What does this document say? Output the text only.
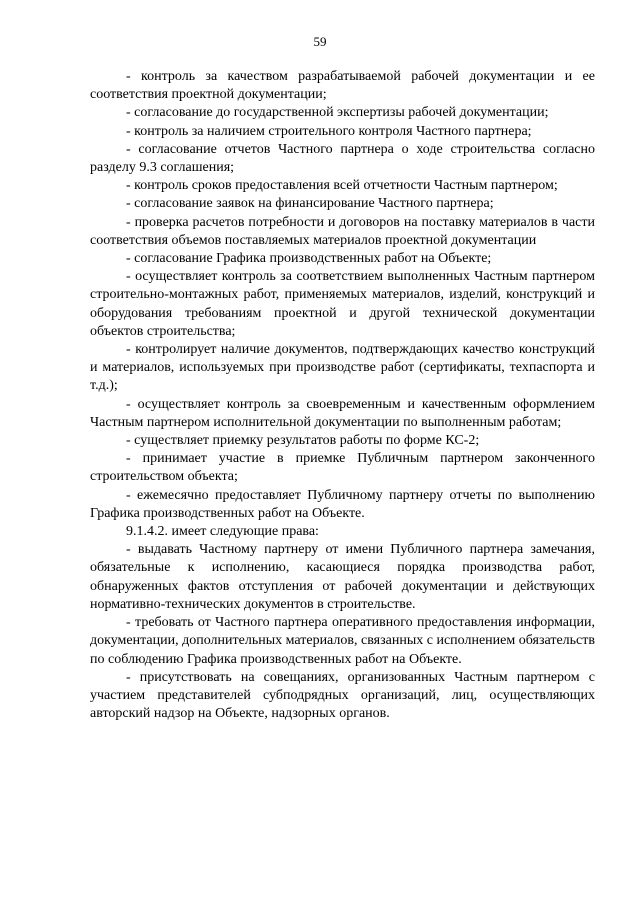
59

- контроль за качеством разрабатываемой рабочей документации и ее соответствия проектной документации;

- согласование до государственной экспертизы рабочей документации;

- контроль за наличием строительного контроля Частного партнера;

- согласование отчетов Частного партнера о ходе строительства согласно разделу 9.3 соглашения;

- контроль сроков предоставления всей отчетности Частным партнером;

- согласование заявок на финансирование Частного партнера;

- проверка расчетов потребности и договоров на поставку материалов в части соответствия объемов поставляемых материалов проектной документации

- согласование Графика производственных работ на Объекте;

- осуществляет контроль за соответствием выполненных Частным партнером строительно-монтажных работ, применяемых материалов, изделий, конструкций и оборудования требованиям проектной и другой технической документации объектов строительства;

- контролирует наличие документов, подтверждающих качество конструкций и материалов, используемых при производстве работ (сертификаты, техпаспорта и т.д.);

- осуществляет контроль за своевременным и качественным оформлением Частным партнером исполнительной документации по выполненным работам;

- существляет приемку результатов работы по форме КС-2;

- принимает участие в приемке Публичным партнером законченного строительством объекта;

- ежемесячно предоставляет Публичному партнеру отчеты по выполнению Графика производственных работ на Объекте.

9.1.4.2. имеет следующие права:

- выдавать Частному партнеру от имени Публичного партнера замечания, обязательные к исполнению, касающиеся порядка производства работ, обнаруженных фактов отступления от рабочей документации и действующих нормативно-технических документов в строительстве.

- требовать от Частного партнера оперативного предоставления информации, документации, дополнительных материалов, связанных с исполнением обязательств по соблюдению Графика производственных работ на Объекте.

- присутствовать на совещаниях, организованных Частным партнером с участием представителей субподрядных организаций, лиц, осуществляющих авторский надзор на Объекте, надзорных органов.
